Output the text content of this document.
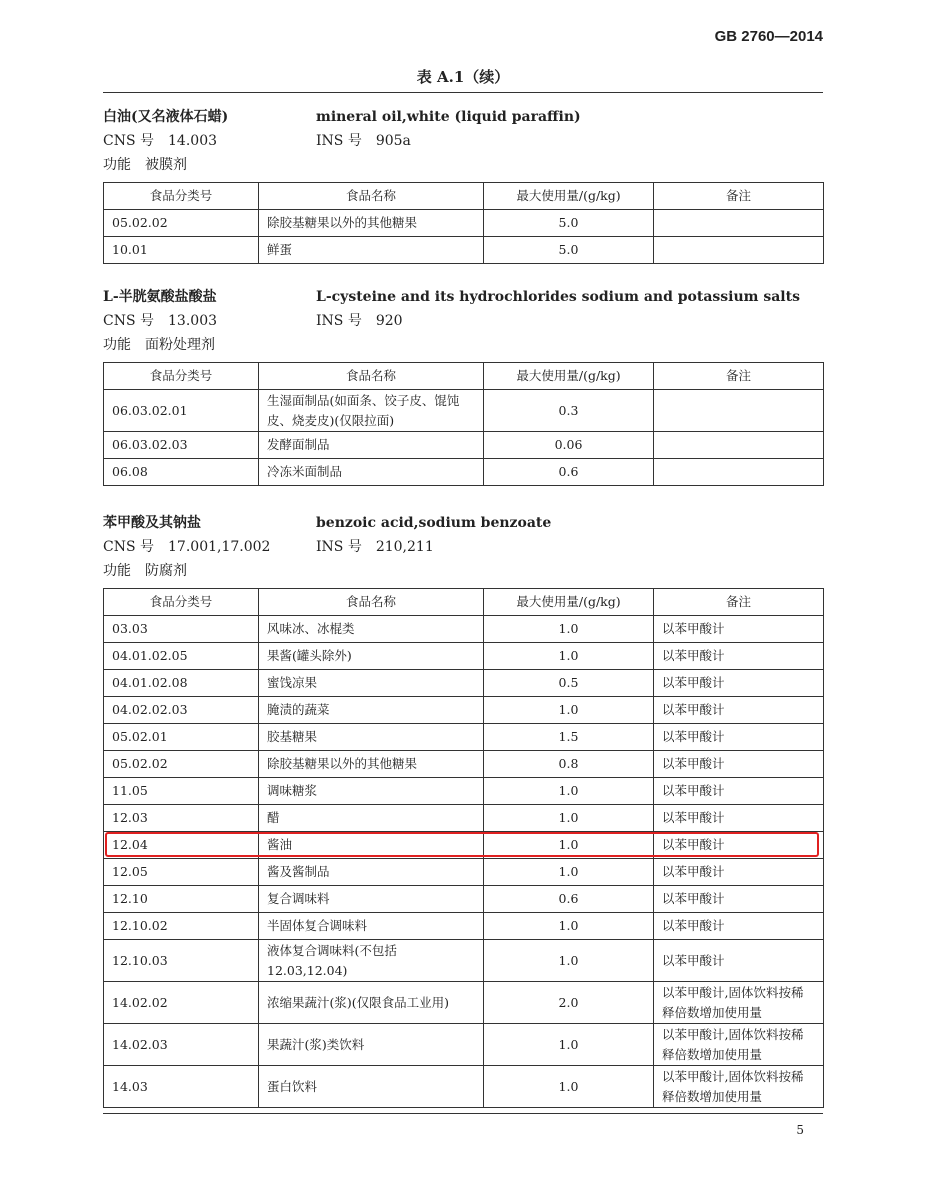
GB 2760—2014
表 A.1（续）
白油(又名液体石蜡)	mineral oil,white (liquid paraffin)
CNS 号 14.003	INS 号 905a
功能 被膜剂
食品分类号	食品名称	最大使用量/(g/kg)	备注
05.02.02	除胶基糖果以外的其他糖果	5.0	
10.01	鲜蛋	5.0	
L-半胱氨酸盐酸盐	L-cysteine and its hydrochlorides sodium and potassium salts
CNS 号 13.003	INS 号 920
功能 面粉处理剂
食品分类号	食品名称	最大使用量/(g/kg)	备注
06.03.02.01	生湿面制品(如面条、饺子皮、馄饨皮、烧麦皮)(仅限拉面)	0.3	
06.03.02.03	发酵面制品	0.06	
06.08	冷冻米面制品	0.6	
苯甲酸及其钠盐	benzoic acid,sodium benzoate
CNS 号 17.001,17.002	INS 号 210,211
功能 防腐剂
食品分类号	食品名称	最大使用量/(g/kg)	备注
03.03	风味冰、冰棍类	1.0	以苯甲酸计
04.01.02.05	果酱(罐头除外)	1.0	以苯甲酸计
04.01.02.08	蜜饯凉果	0.5	以苯甲酸计
04.02.02.03	腌渍的蔬菜	1.0	以苯甲酸计
05.02.01	胶基糖果	1.5	以苯甲酸计
05.02.02	除胶基糖果以外的其他糖果	0.8	以苯甲酸计
11.05	调味糖浆	1.0	以苯甲酸计
12.03	醋	1.0	以苯甲酸计
12.04	酱油	1.0	以苯甲酸计
12.05	酱及酱制品	1.0	以苯甲酸计
12.10	复合调味料	0.6	以苯甲酸计
12.10.02	半固体复合调味料	1.0	以苯甲酸计
12.10.03	液体复合调味料(不包括 12.03,12.04)	1.0	以苯甲酸计
14.02.02	浓缩果蔬汁(浆)(仅限食品工业用)	2.0	以苯甲酸计,固体饮料按稀释倍数增加使用量
14.02.03	果蔬汁(浆)类饮料	1.0	以苯甲酸计,固体饮料按稀释倍数增加使用量
14.03	蛋白饮料	1.0	以苯甲酸计,固体饮料按稀释倍数增加使用量
5
